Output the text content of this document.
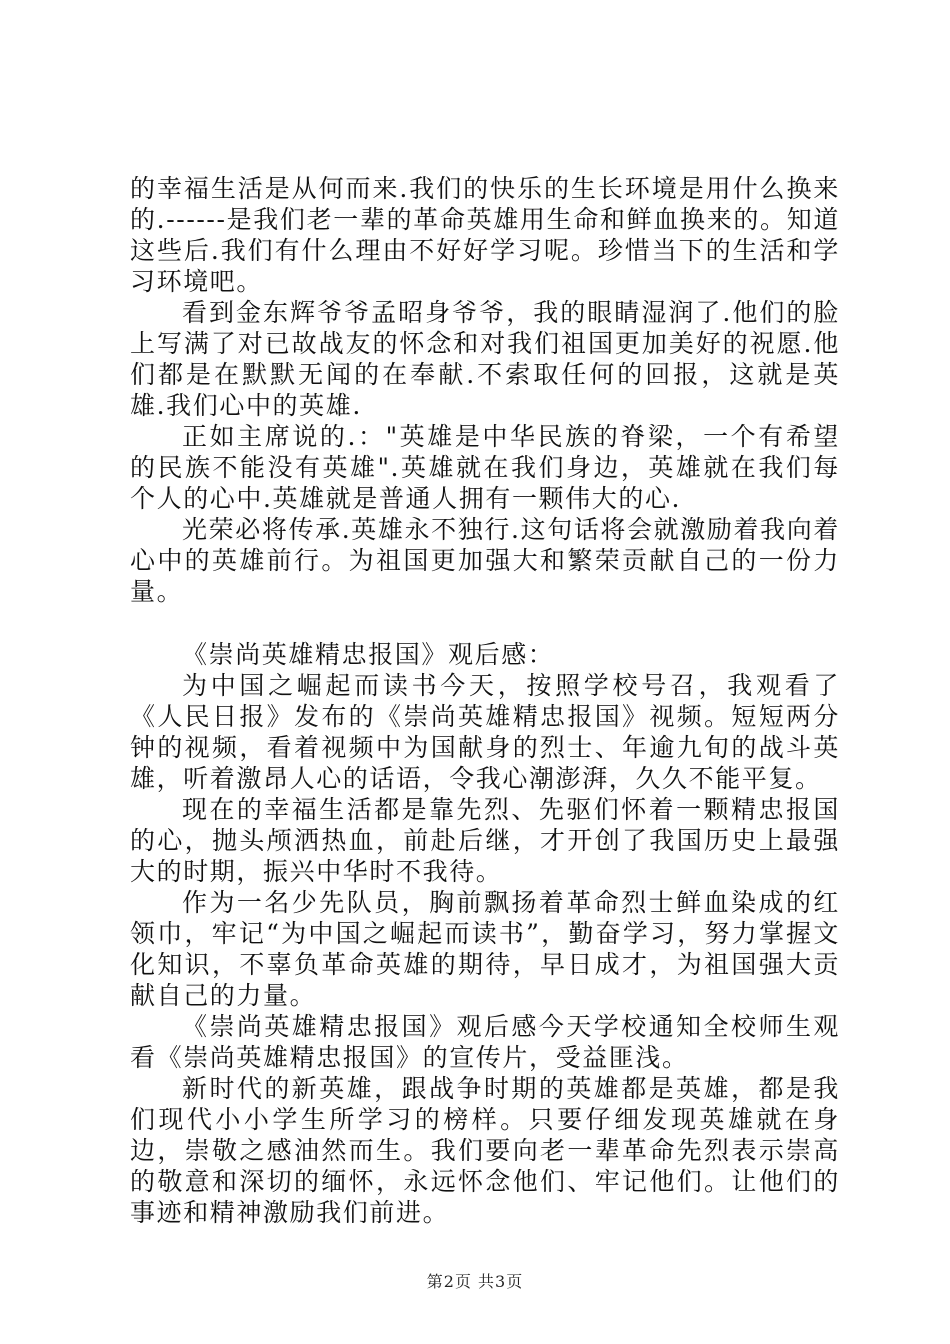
的幸福生活是从何而来.我们的快乐的生长环境是用什么换来的.------是我们老一辈的革命英雄用生命和鲜血换来的。知道这些后.我们有什么理由不好好学习呢。珍惜当下的生活和学习环境吧。

看到金东辉爷爷孟昭身爷爷，我的眼睛湿润了.他们的脸上写满了对已故战友的怀念和对我们祖国更加美好的祝愿.他们都是在默默无闻的在奉献.不索取任何的回报，这就是英雄.我们心中的英雄.

正如主席说的.："英雄是中华民族的脊梁，一个有希望的民族不能没有英雄".英雄就在我们身边，英雄就在我们每个人的心中.英雄就是普通人拥有一颗伟大的心.

光荣必将传承.英雄永不独行.这句话将会就激励着我向着心中的英雄前行。为祖国更加强大和繁荣贡献自己的一份力量。

《崇尚英雄精忠报国》观后感：

为中国之崛起而读书今天，按照学校号召，我观看了《人民日报》发布的《崇尚英雄精忠报国》视频。短短两分钟的视频，看着视频中为国献身的烈士、年逾九旬的战斗英雄，听着激昂人心的话语，令我心潮澎湃，久久不能平复。

现在的幸福生活都是靠先烈、先驱们怀着一颗精忠报国的心，抛头颅洒热血，前赴后继，才开创了我国历史上最强大的时期，振兴中华时不我待。

作为一名少先队员，胸前飘扬着革命烈士鲜血染成的红领巾，牢记“为中国之崛起而读书”，勤奋学习，努力掌握文化知识，不辜负革命英雄的期待，早日成才，为祖国强大贡献自己的力量。

《崇尚英雄精忠报国》观后感今天学校通知全校师生观看《崇尚英雄精忠报国》的宣传片，受益匪浅。

新时代的新英雄，跟战争时期的英雄都是英雄，都是我们现代小小学生所学习的榜样。只要仔细发现英雄就在身边，崇敬之感油然而生。我们要向老一辈革命先烈表示崇高的敬意和深切的缅怀，永远怀念他们、牢记他们。让他们的事迹和精神激励我们前进。

第2页 共3页
